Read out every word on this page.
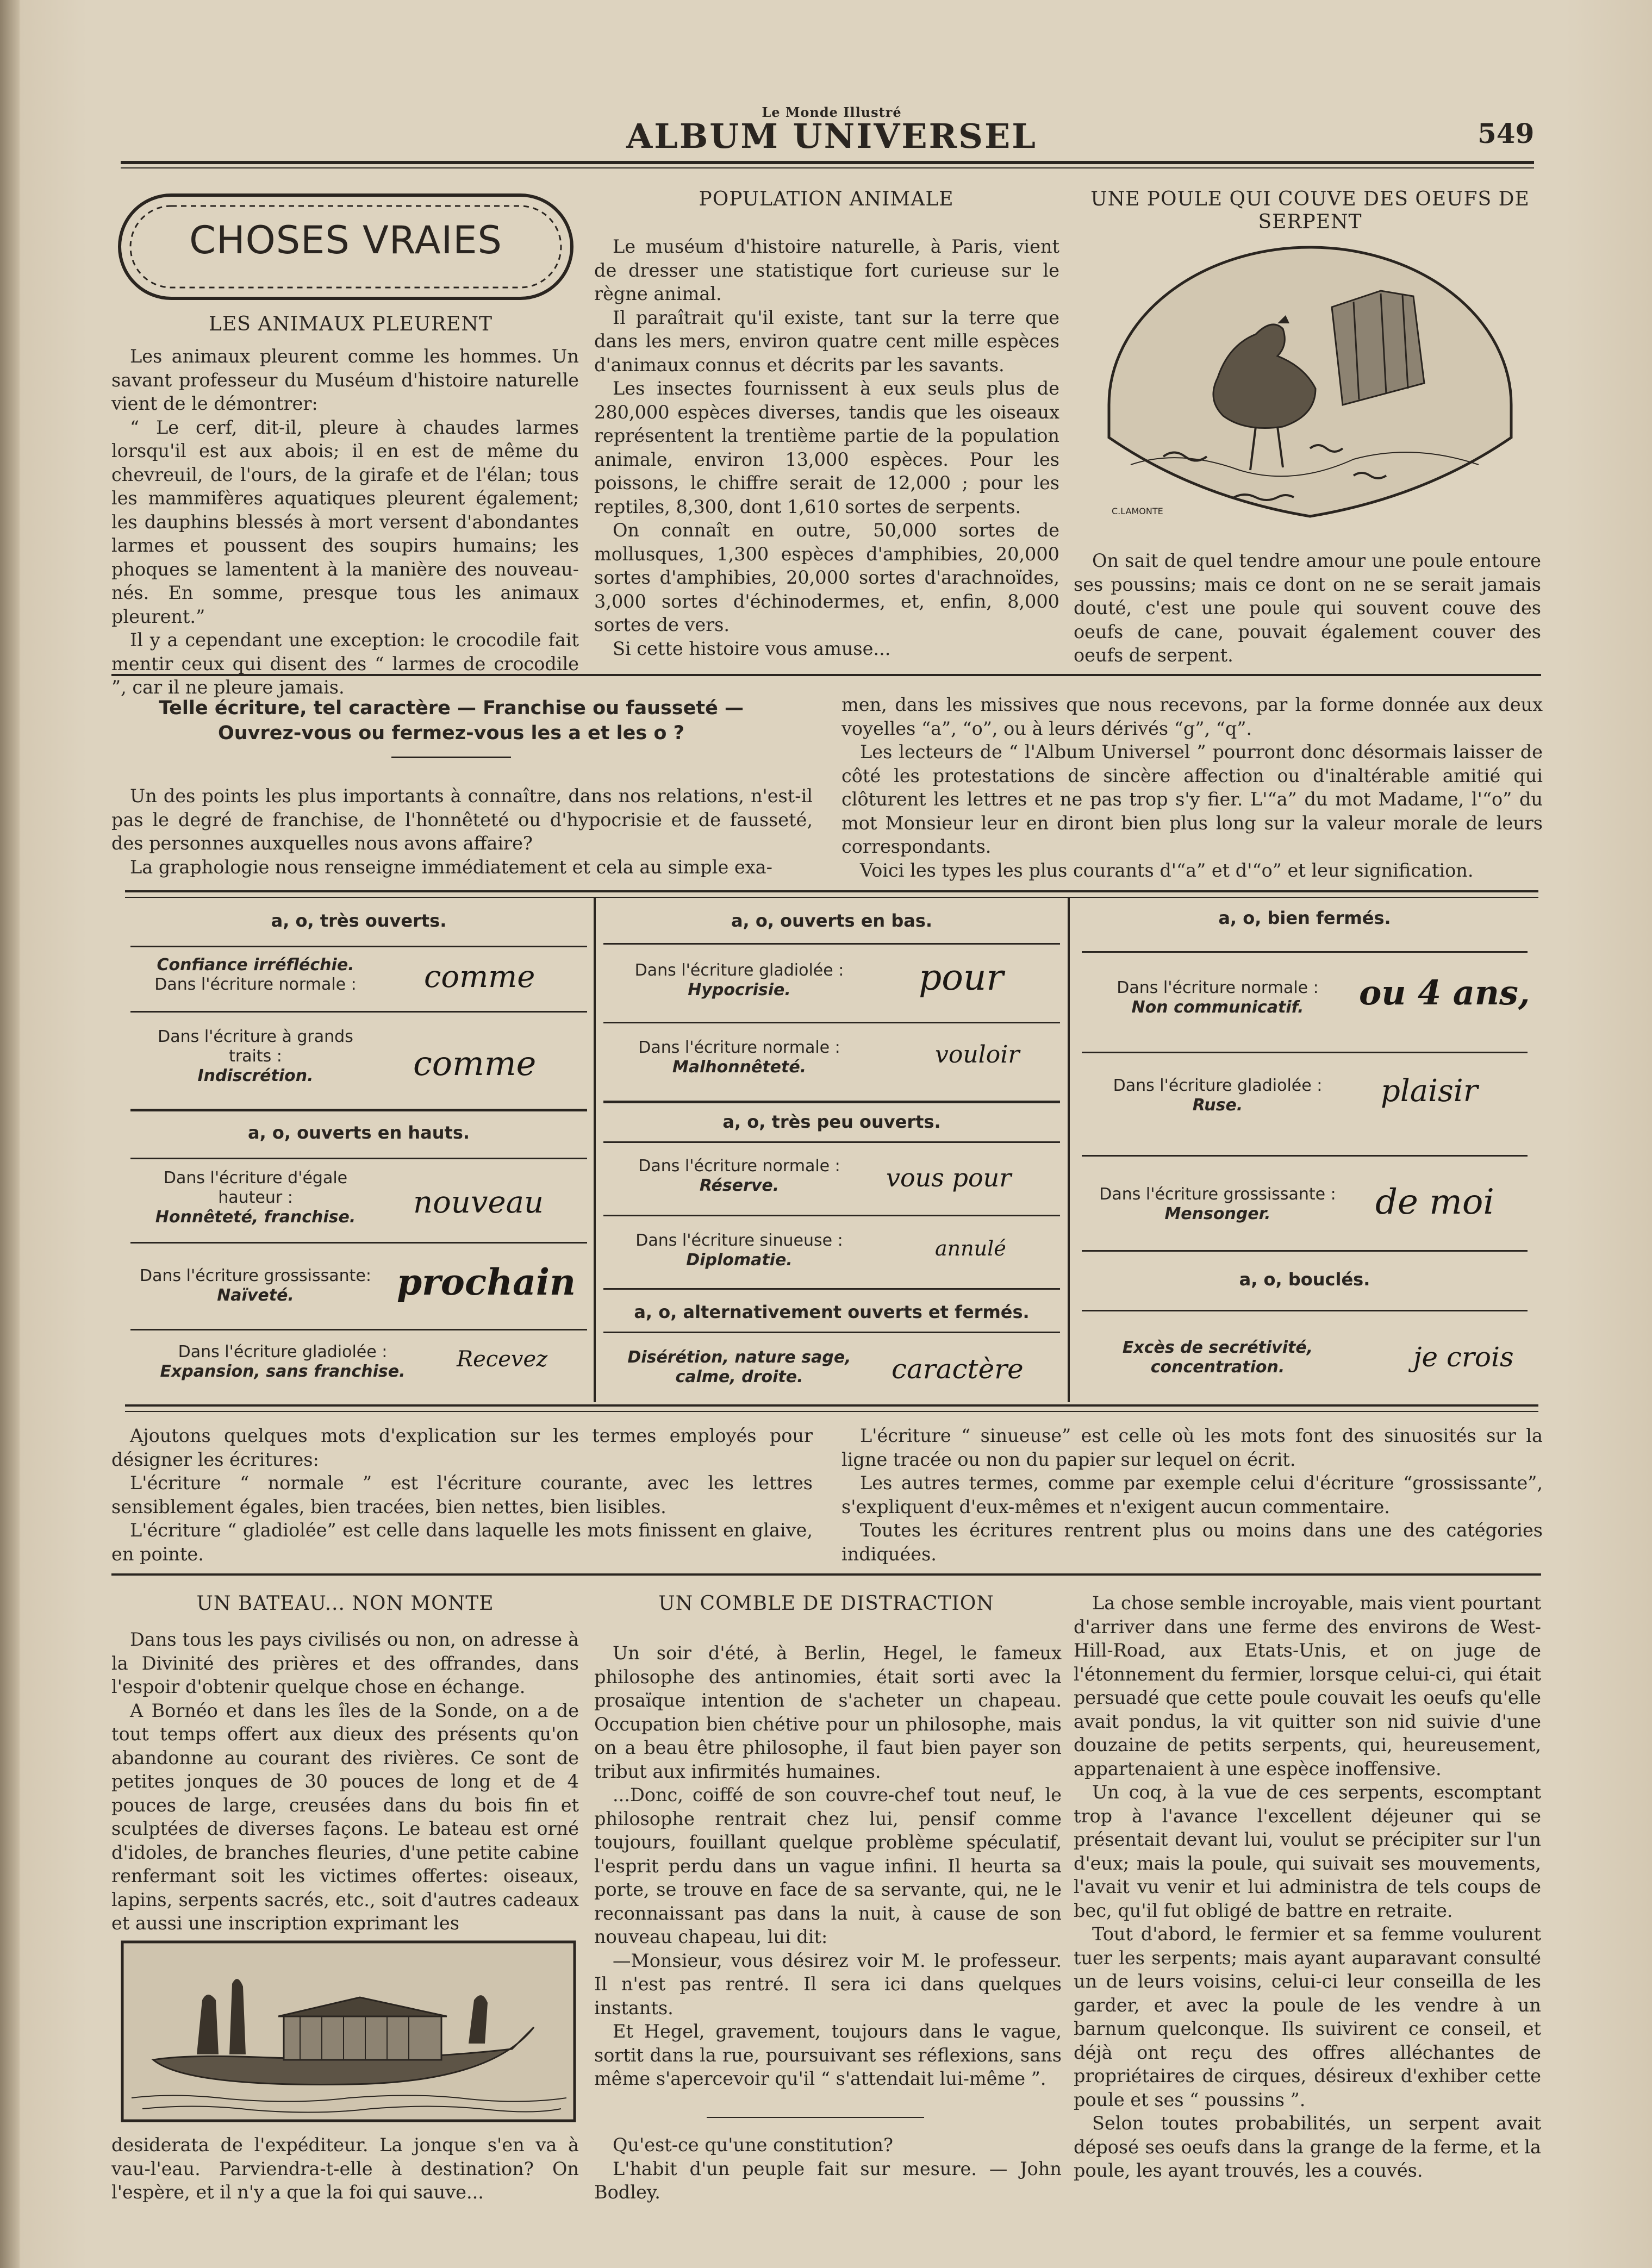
Le Monde Illustré
ALBUM UNIVERSEL	549
CHOSES VRAIES
LES ANIMAUX PLEURENT

Les animaux pleurent comme les hommes. Un savant professeur du Muséum d'histoire naturelle vient de le démontrer:

“ Le cerf, dit-il, pleure à chaudes larmes lorsqu'il est aux abois; il en est de même du chevreuil, de l'ours, de la girafe et de l'élan; tous les mammifères aquatiques pleurent également; les dauphins blessés à mort versent d'abondantes larmes et poussent des soupirs humains; les phoques se lamentent à la manière des nouveau-nés. En somme, presque tous les animaux pleurent.”

Il y a cependant une exception: le crocodile fait mentir ceux qui disent des “ larmes de crocodile ”, car il ne pleure jamais.

POPULATION ANIMALE

Le muséum d'histoire naturelle, à Paris, vient de dresser une statistique fort curieuse sur le règne animal.

Il paraîtrait qu'il existe, tant sur la terre que dans les mers, environ quatre cent mille espèces d'animaux connus et décrits par les savants.

Les insectes fournissent à eux seuls plus de 280,000 espèces diverses, tandis que les oiseaux représentent la trentième partie de la population animale, environ 13,000 espèces. Pour les poissons, le chiffre serait de 12,000 ; pour les reptiles, 8,300, dont 1,610 sortes de serpents.

On connaît en outre, 50,000 sortes de mollusques, 1,300 espèces d'amphibies, 20,000 sortes d'amphibies, 20,000 sortes d'arachnoïdes, 3,000 sortes d'échinodermes, et, enfin, 8,000 sortes de vers.

Si cette histoire vous amuse...

UNE POULE QUI COUVE DES OEUFS DE SERPENT
C.LAMONTE

On sait de quel tendre amour une poule entoure ses poussins; mais ce dont on ne se serait jamais douté, c'est une poule qui souvent couve des oeufs de cane, pouvait également couver des oeufs de serpent.

Telle écriture, tel caractère — Franchise ou fausseté — Ouvrez-vous ou fermez-vous les a et les o ?

Un des points les plus importants à connaître, dans nos relations, n'est-il pas le degré de franchise, de l'honnêteté ou d'hypocrisie et de fausseté, des personnes auxquelles nous avons affaire?

La graphologie nous renseigne immédiatement et cela au simple exa-

men, dans les missives que nous recevons, par la forme donnée aux deux voyelles “a”, “o”, ou à leurs dérivés “g”, “q”.

Les lecteurs de “ l'Album Universel ” pourront donc désormais laisser de côté les protestations de sincère affection ou d'inaltérable amitié qui clôturent les lettres et ne pas trop s'y fier. L'“a” du mot Madame, l'“o” du mot Monsieur leur en diront bien plus long sur la valeur morale de leurs correspondants.

Voici les types les plus courants d'“a” et d'“o” et leur signification.

a, o, très ouverts.
Confiance irréfléchie.
Dans l'écriture normale :	comme
Dans l'écriture à grands
traits :
Indiscrétion.	comme
a, o, ouverts en hauts.
Dans l'écriture d'égale
hauteur :
Honnêteté, franchise.	nouveau
Dans l'écriture grossissante:
Naïveté.	prochain
Dans l'écriture gladiolée :
Expansion, sans franchise.	Recevez
a, o, ouverts en bas.
Dans l'écriture gladiolée :
Hypocrisie.	pour
Dans l'écriture normale :
Malhonnêteté.	vouloir
a, o, très peu ouverts.
Dans l'écriture normale :
Réserve.	vous pour
Dans l'écriture sinueuse :
Diplomatie.	annulé
a, o, alternativement ouverts et fermés.
Disérétion, nature sage,
calme, droite.	caractère
a, o, bien fermés.
Dans l'écriture normale :
Non communicatif.	ou 4 ans,
Dans l'écriture gladiolée :
Ruse.	plaisir
Dans l'écriture grossissante :
Mensonger.	de moi
a, o, bouclés.
Excès de secrétivité,
concentration.	je crois

Ajoutons quelques mots d'explication sur les termes employés pour désigner les écritures:

L'écriture “ normale ” est l'écriture courante, avec les lettres sensiblement égales, bien tracées, bien nettes, bien lisibles.

L'écriture “ gladiolée” est celle dans laquelle les mots finissent en glaive, en pointe.

L'écriture “ sinueuse” est celle où les mots font des sinuosités sur la ligne tracée ou non du papier sur lequel on écrit.

Les autres termes, comme par exemple celui d'écriture “grossissante”, s'expliquent d'eux-mêmes et n'exigent aucun commentaire.

Toutes les écritures rentrent plus ou moins dans une des catégories indiquées.

UN BATEAU... NON MONTE

Dans tous les pays civilisés ou non, on adresse à la Divinité des prières et des offrandes, dans l'espoir d'obtenir quelque chose en échange.

A Bornéo et dans les îles de la Sonde, on a de tout temps offert aux dieux des présents qu'on abandonne au courant des rivières. Ce sont de petites jonques de 30 pouces de long et de 4 pouces de large, creusées dans du bois fin et sculptées de diverses façons. Le bateau est orné d'idoles, de branches fleuries, d'une petite cabine renfermant soit les victimes offertes: oiseaux, lapins, serpents sacrés, etc., soit d'autres cadeaux et aussi une inscription exprimant les

desiderata de l'expéditeur. La jonque s'en va à vau-l'eau. Parviendra-t-elle à destination? On l'espère, et il n'y a que la foi qui sauve...

UN COMBLE DE DISTRACTION

Un soir d'été, à Berlin, Hegel, le fameux philosophe des antinomies, était sorti avec la prosaïque intention de s'acheter un chapeau. Occupation bien chétive pour un philosophe, mais on a beau être philosophe, il faut bien payer son tribut aux infirmités humaines.

...Donc, coiffé de son couvre-chef tout neuf, le philosophe rentrait chez lui, pensif comme toujours, fouillant quelque problème spéculatif, l'esprit perdu dans un vague infini. Il heurta sa porte, se trouve en face de sa servante, qui, ne le reconnaissant pas dans la nuit, à cause de son nouveau chapeau, lui dit:

—Monsieur, vous désirez voir M. le professeur. Il n'est pas rentré. Il sera ici dans quelques instants.

Et Hegel, gravement, toujours dans le vague, sortit dans la rue, poursuivant ses réflexions, sans même s'apercevoir qu'il “ s'attendait lui-même ”.

Qu'est-ce qu'une constitution?

L'habit d'un peuple fait sur mesure. — John Bodley.

La chose semble incroyable, mais vient pourtant d'arriver dans une ferme des environs de West-Hill-Road, aux Etats-Unis, et on juge de l'étonnement du fermier, lorsque celui-ci, qui était persuadé que cette poule couvait les oeufs qu'elle avait pondus, la vit quitter son nid suivie d'une douzaine de petits serpents, qui, heureusement, appartenaient à une espèce inoffensive.

Un coq, à la vue de ces serpents, escomptant trop à l'avance l'excellent déjeuner qui se présentait devant lui, voulut se précipiter sur l'un d'eux; mais la poule, qui suivait ses mouvements, l'avait vu venir et lui administra de tels coups de bec, qu'il fut obligé de battre en retraite.

Tout d'abord, le fermier et sa femme voulurent tuer les serpents; mais ayant auparavant consulté un de leurs voisins, celui-ci leur conseilla de les garder, et avec la poule de les vendre à un barnum quelconque. Ils suivirent ce conseil, et déjà ont reçu des offres alléchantes de propriétaires de cirques, désireux d'exhiber cette poule et ses “ poussins ”.

Selon toutes probabilités, un serpent avait déposé ses oeufs dans la grange de la ferme, et la poule, les ayant trouvés, les a couvés.
